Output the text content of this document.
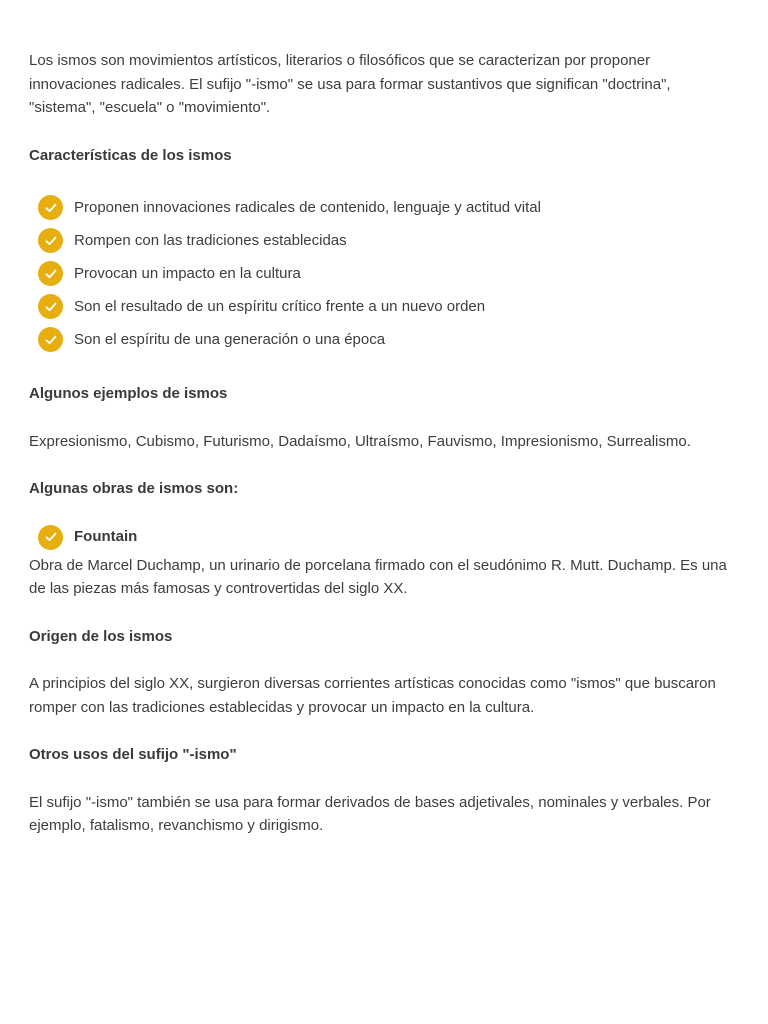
Los ismos son movimientos artísticos, literarios o filosóficos que se caracterizan por proponer innovaciones radicales. El sufijo "-ismo" se usa para formar sustantivos que significan "doctrina", "sistema", "escuela" o "movimiento".

Características de los ismos

Proponen innovaciones radicales de contenido, lenguaje y actitud vital
Rompen con las tradiciones establecidas
Provocan un impacto en la cultura
Son el resultado de un espíritu crítico frente a un nuevo orden
Son el espíritu de una generación o una época

Algunos ejemplos de ismos

Expresionismo, Cubismo, Futurismo, Dadaísmo, Ultraísmo, Fauvismo, Impresionismo, Surrealismo.

Algunas obras de ismos son:

Fountain

Obra de Marcel Duchamp, un urinario de porcelana firmado con el seudónimo R. Mutt. Duchamp. Es una de las piezas más famosas y controvertidas del siglo XX.

Origen de los ismos

A principios del siglo XX, surgieron diversas corrientes artísticas conocidas como "ismos" que buscaron romper con las tradiciones establecidas y provocar un impacto en la cultura.

Otros usos del sufijo "-ismo"

El sufijo "-ismo" también se usa para formar derivados de bases adjetivales, nominales y verbales. Por ejemplo, fatalismo, revanchismo y dirigismo.
